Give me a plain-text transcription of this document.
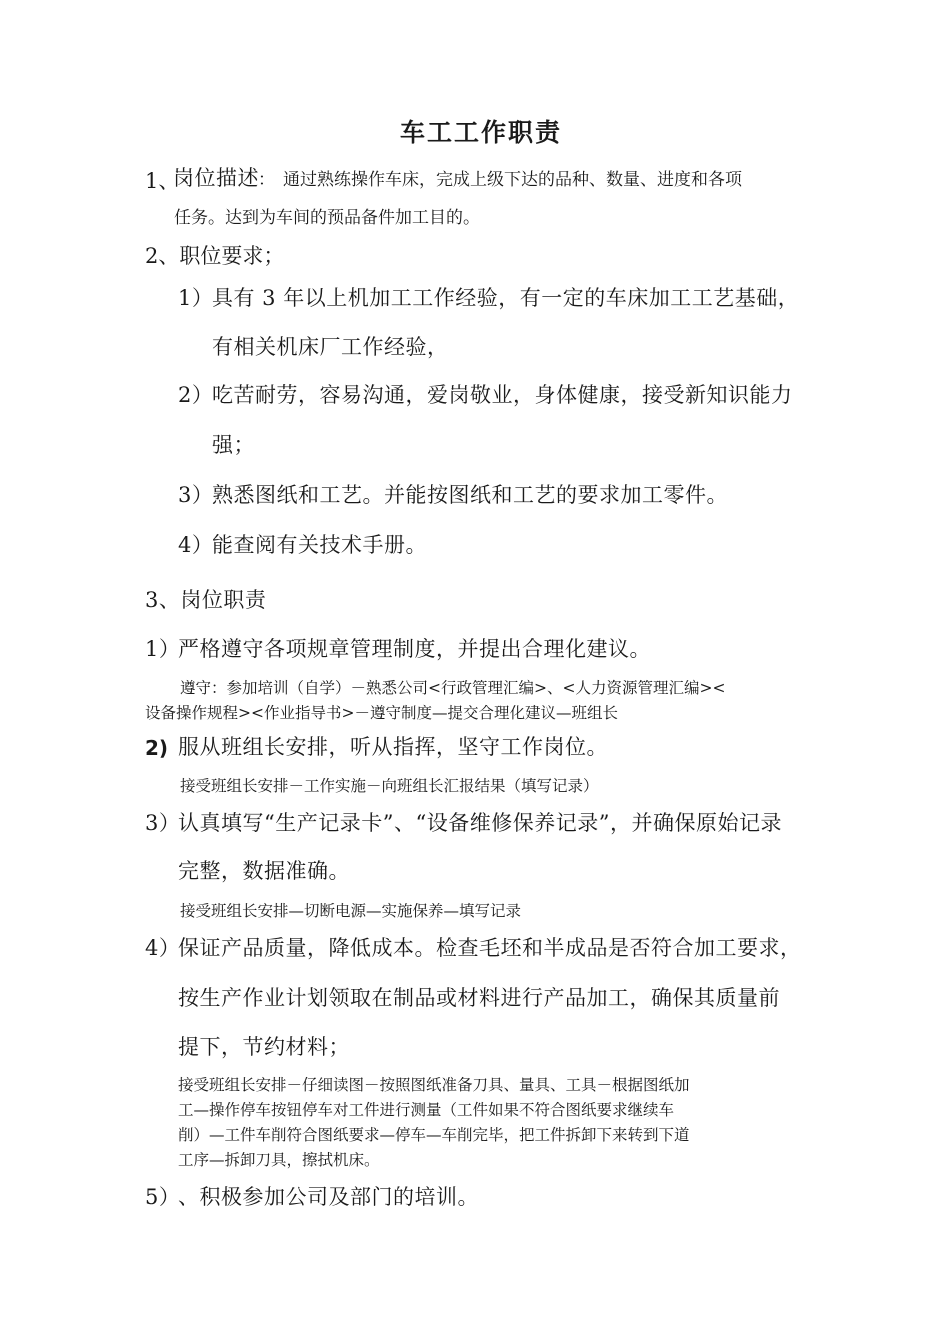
车工工作职责
1、
岗位描述 ： 通过熟练操作车床，完成上级下达的品种、数量、进度和各项
任务。达到为车间的预品备件加工目的。
2、职位要求；
1）
具有 3 年以上机加工工作经验，有一定的车床加工工艺基础，
有相关机床厂工作经验，
2）
吃苦耐劳，容易沟通，爱岗敬业，身体健康，接受新知识能力
强；
3）
熟悉图纸和工艺。并能按图纸和工艺的要求加工零件。
4）
能查阅有关技术手册。
3、岗位职责
1）
严格遵守各项规章管理制度，并提出合理化建议。
遵守：参加培训（自学）－熟悉公司<行政管理汇编>、<人力资源管理汇编><
设备操作规程><作业指导书>－遵守制度—提交合理化建议—班组长
2) 服从班组长安排，听从指挥，坚守工作岗位。
接受班组长安排－工作实施－向班组长汇报结果（填写记录）
3）
认真填写“生产记录卡”、“设备维修保养记录”，并确保原始记录
完整，数据准确。
接受班组长安排—切断电源—实施保养—填写记录
4）
保证产品质量，降低成本。检查毛坯和半成品是否符合加工要求，
按生产作业计划领取在制品或材料进行产品加工，确保其质量前
提下，节约材料；
接受班组长安排－仔细读图－按照图纸准备刀具、量具、工具－根据图纸加
工—操作停车按钮停车对工件进行测量（工件如果不符合图纸要求继续车
削）—工件车削符合图纸要求—停车—车削完毕，把工件拆卸下来转到下道
工序—拆卸刀具，擦拭机床。
5）
、积极参加公司及部门的培训。
